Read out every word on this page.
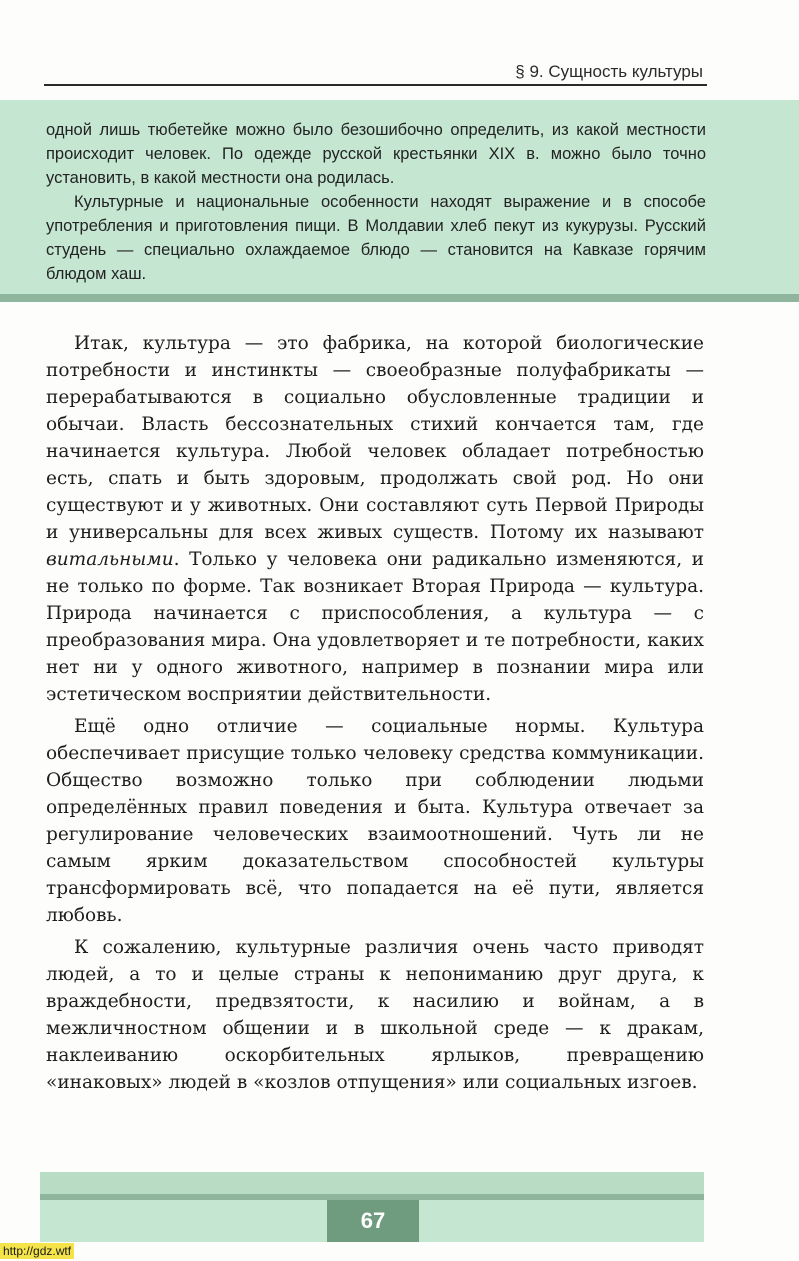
§ 9. Сущность культуры

одной лишь тюбетейке можно было безошибочно определить, из какой местности происходит человек. По одежде русской крестьянки XIX в. можно было точно установить, в какой местности она родилась.

Культурные и национальные особенности находят выражение и в способе употребления и приготовления пищи. В Молдавии хлеб пекут из кукурузы. Русский студень — специально охлаждаемое блюдо — становится на Кавказе горячим блюдом хаш.

Итак, культура — это фабрика, на которой биологические потребности и инстинкты — своеобразные полуфабрикаты — перерабатываются в социально обусловленные традиции и обычаи. Власть бессознательных стихий кончается там, где начинается культура. Любой человек обладает потребностью есть, спать и быть здоровым, продолжать свой род. Но они существуют и у животных. Они составляют суть Первой Природы и универсальны для всех живых существ. Потому их называют витальными. Только у человека они радикально изменяются, и не только по форме. Так возникает Вторая Природа — культура. Природа начинается с приспособления, а культура — с преобразования мира. Она удовлетворяет и те потребности, каких нет ни у одного животного, например в познании мира или эстетическом восприятии действительности.

Ещё одно отличие — социальные нормы. Культура обеспечивает присущие только человеку средства коммуникации. Общество возможно только при соблюдении людьми определённых правил поведения и быта. Культура отвечает за регулирование человеческих взаимоотношений. Чуть ли не самым ярким доказательством способностей культуры трансформировать всё, что попадается на её пути, является любовь.

К сожалению, культурные различия очень часто приводят людей, а то и целые страны к непониманию друг друга, к враждебности, предвзятости, к насилию и войнам, а в межличностном общении и в школьной среде — к дракам, наклеиванию оскорбительных ярлыков, превращению «инаковых» людей в «козлов отпущения» или социальных изгоев.

67
http://gdz.wtf
